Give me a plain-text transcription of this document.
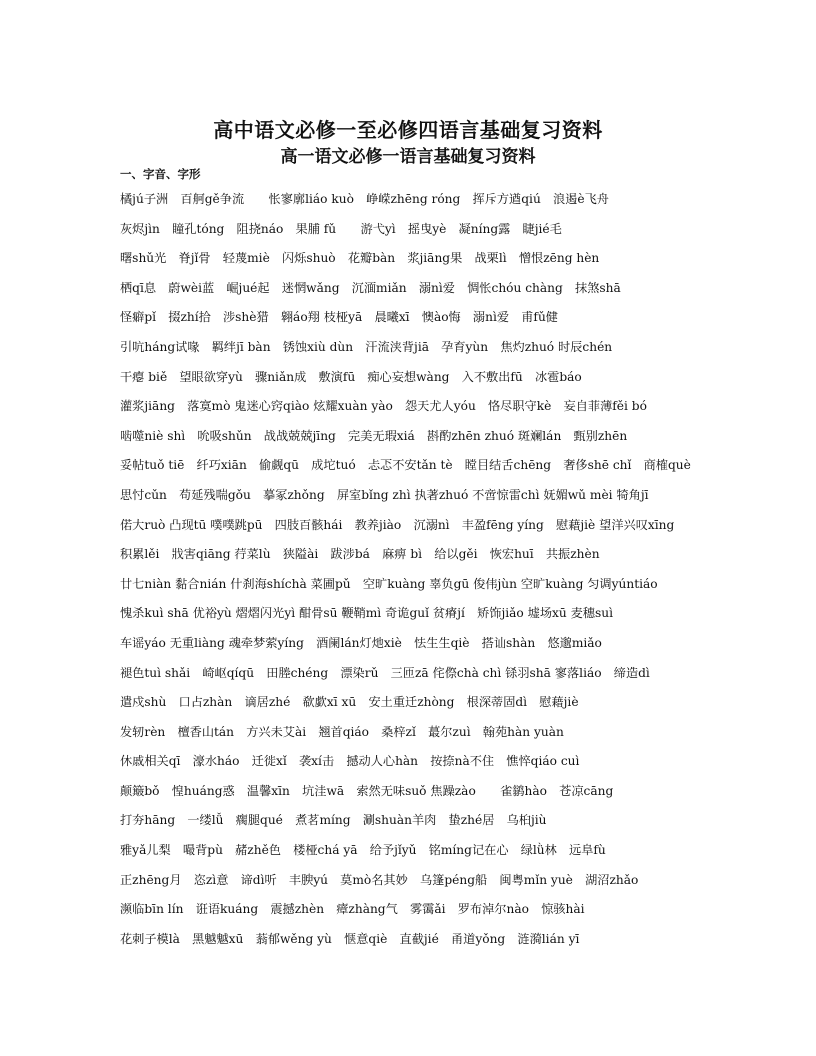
高中语文必修一至必修四语言基础复习资料
高一语文必修一语言基础复习资料
一、字音、字形
橘jú子洲　百舸gě争流　　怅寥廓liáo kuò　峥嵘zhēng róng　挥斥方遒qiú　浪遏è飞舟
灰烬jìn　瞳孔tóng　阻挠náo　果脯 fǔ　　游弋yì　摇曳yè　凝níng露　睫jié毛
曙shǔ光　脊jǐ骨　轻蔑miè　闪烁shuò　花瓣bàn　浆jiāng果　战栗lì　憎恨zēng hèn
栖qī息　蔚wèi蓝　崛jué起　迷惘wǎng　沉湎miǎn　溺nì爱　惆怅chóu chàng　抹煞shā
怪癖pǐ　掇zhí拾　涉shè猎　翱áo翔 枝桠yā　晨曦xī　懊ào悔　溺nì爱　甫fǔ健
引吭háng试喙　羁绊jī bàn　锈蚀xiù dùn　汗流浃背jiā　孕育yùn　焦灼zhuó 时辰chén
干瘪 biě　望眼欲穿yù　骤niǎn成　敷演fū　痴心妄想wàng　入不敷出fū　冰雹báo
灌浆jiāng　落寞mò 鬼迷心窍qiào 炫耀xuàn yào　怨天尤人yóu　恪尽职守kè　妄自菲薄fěi bó
啮噬niè shì　吮吸shǔn　战战兢兢jīng　完美无瑕xiá　斟酌zhēn zhuó 斑斓lán　甄别zhēn
妥帖tuǒ tiē　纤巧xiān　偷觑qū　成坨tuó　忐忑不安tǎn tè　瞠目结舌chēng　奢侈shē chǐ　商榷què
思忖cǔn　苟延残喘gǒu　摹冢zhǒng　屏室bǐng zhì 执著zhuó 不啻惊雷chì 妩媚wǔ mèi 犄角jī
偌大ruò 凸现tū 噗噗跳pū　四肢百骸hái　教养jiào　沉溺nì　丰盈fēng yíng　慰藉jiè 望洋兴叹xīng
积累lěi　戕害qiāng 荇菜lù　狭隘ài　跋涉bá　麻痹 bì　给以gěi　恢宏huī　共振zhèn
廿七niàn 黏合nián 什刹海shíchà 菜圃pǔ　空旷kuàng 辜负gū 俊伟jùn 空旷kuàng 匀调yúntiáo
愧杀kuì shā 优裕yù 熠熠闪光yì 酣骨sū 鞭鞘mì 奇诡guǐ 贫瘠jí　矫饰jiǎo 墟场xū 麦穗suì
车谣yáo 无重liàng 魂牵梦萦yíng　酒阑lán灯灺xiè　怯生生qiè　搭讪shàn　悠邈miǎo
褪色tuì shǎi　崎岖qíqū　田塍chéng　漂染rǔ　三匝zā 侘傺chà chì 铩羽shā 寥落liáo　缔造dì
遣戍shù　口占zhàn　谪居zhé　欷歔xī xū　安土重迁zhòng　根深蒂固dì　慰藉jiè
发轫rèn　檀香山tán　方兴未艾ài　翘首qiáo　桑梓zǐ　蕞尔zuì　翰苑hàn yuàn
休戚相关qī　濠水háo　迁徙xǐ　袭xí击　撼动人心hàn　按捺nà不住　憔悴qiáo cuì
颠簸bǒ　惶huáng惑　温馨xīn　坑洼wā　索然无味suǒ 焦躁zào　　雀鹟hào　苍凉cāng
打夯hāng　一缕lǚ　瘸腿qué　煮茗míng　涮shuàn羊肉　蛰zhé居　乌桕jiù
雅yǎ儿梨　嘬背pù　赭zhě色　楼桠chá yā　给予jǐyǔ　铭míng记在心　绿lǜ林　远阜fù
正zhēng月　恣zì意　谛dì听　丰腴yú　莫mò名其妙　乌篷péng船　闽粤mǐn yuè　湖沼zhǎo
濒临bīn lín　诳语kuáng　震撼zhèn　瘴zhàng气　雾霭ǎi　罗布淖尔nào　惊骇hài
花刺子模là　黑魆魆xū　蓊郁wěng yù　惬意qiè　直截jié　甬道yǒng　涟漪lián yī
